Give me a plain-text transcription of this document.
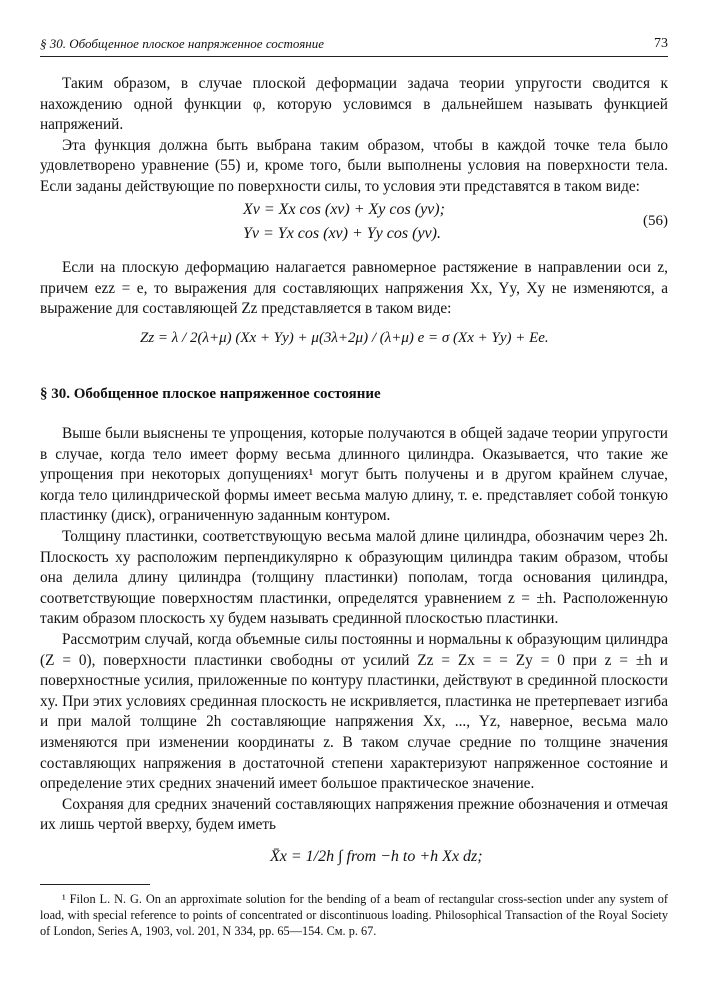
§ 30. Обобщенное плоское напряженное состояние	73

Таким образом, в случае плоской деформации задача теории упругости сводится к нахождению одной функции φ, которую условимся в дальнейшем называть функцией напряжений.

Эта функция должна быть выбрана таким образом, чтобы в каждой точке тела было удовлетворено уравнение (55) и, кроме того, были выполнены условия на поверхности тела. Если заданы действующие по поверхности силы, то условия эти представятся в таком виде:

Xν = Xx cos (xν) + Xy cos (yν);
Yν = Yx cos (xν) + Yy cos (yν).
(56)

Если на плоскую деформацию налагается равномерное растяжение в направлении оси z, причем ezz = e, то выражения для составляющих напряжения Xx, Yy, Xy не изменяются, а выражение для составляющей Zz представляется в таком виде:

Zz = λ / 2(λ+μ) (Xx + Yy) + μ(3λ+2μ) / (λ+μ) e = σ (Xx + Yy) + Ee.
§ 30. Обобщенное плоское напряженное состояние

Выше были выяснены те упрощения, которые получаются в общей задаче теории упругости в случае, когда тело имеет форму весьма длинного цилиндра. Оказывается, что такие же упрощения при некоторых допущениях¹ могут быть получены и в другом крайнем случае, когда тело цилиндрической формы имеет весьма малую длину, т. е. представляет собой тонкую пластинку (диск), ограниченную заданным контуром.

Толщину пластинки, соответствующую весьма малой длине цилиндра, обозначим через 2h. Плоскость xy расположим перпендикулярно к образующим цилиндра таким образом, чтобы она делила длину цилиндра (толщину пластинки) пополам, тогда основания цилиндра, соответствующие поверхностям пластинки, определятся уравнением z = ±h. Расположенную таким образом плоскость xy будем называть срединной плоскостью пластинки.

Рассмотрим случай, когда объемные силы постоянны и нормальны к образующим цилиндра (Z = 0), поверхности пластинки свободны от усилий Zz = Zx = = Zy = 0 при z = ±h и поверхностные усилия, приложенные по контуру пластинки, действуют в срединной плоскости xy. При этих условиях срединная плоскость не искривляется, пластинка не претерпевает изгиба и при малой толщине 2h составляющие напряжения Xx, ..., Yz, наверное, весьма мало изменяются при изменении координаты z. В таком случае средние по толщине значения составляющих напряжения в достаточной степени характеризуют напряженное состояние и определение этих средних значений имеет большое практическое значение.

Сохраняя для средних значений составляющих напряжения прежние обозначения и отмечая их лишь чертой вверху, будем иметь

X̄x = 1/2h ∫ from −h to +h Xx dz;

¹ Filon L. N. G. On an approximate solution for the bending of a beam of rectangular cross-section under any system of load, with special reference to points of concentrated or discontinuous loading. Philosophical Transaction of the Royal Society of London, Series A, 1903, vol. 201, N 334, pp. 65—154. См. р. 67.
